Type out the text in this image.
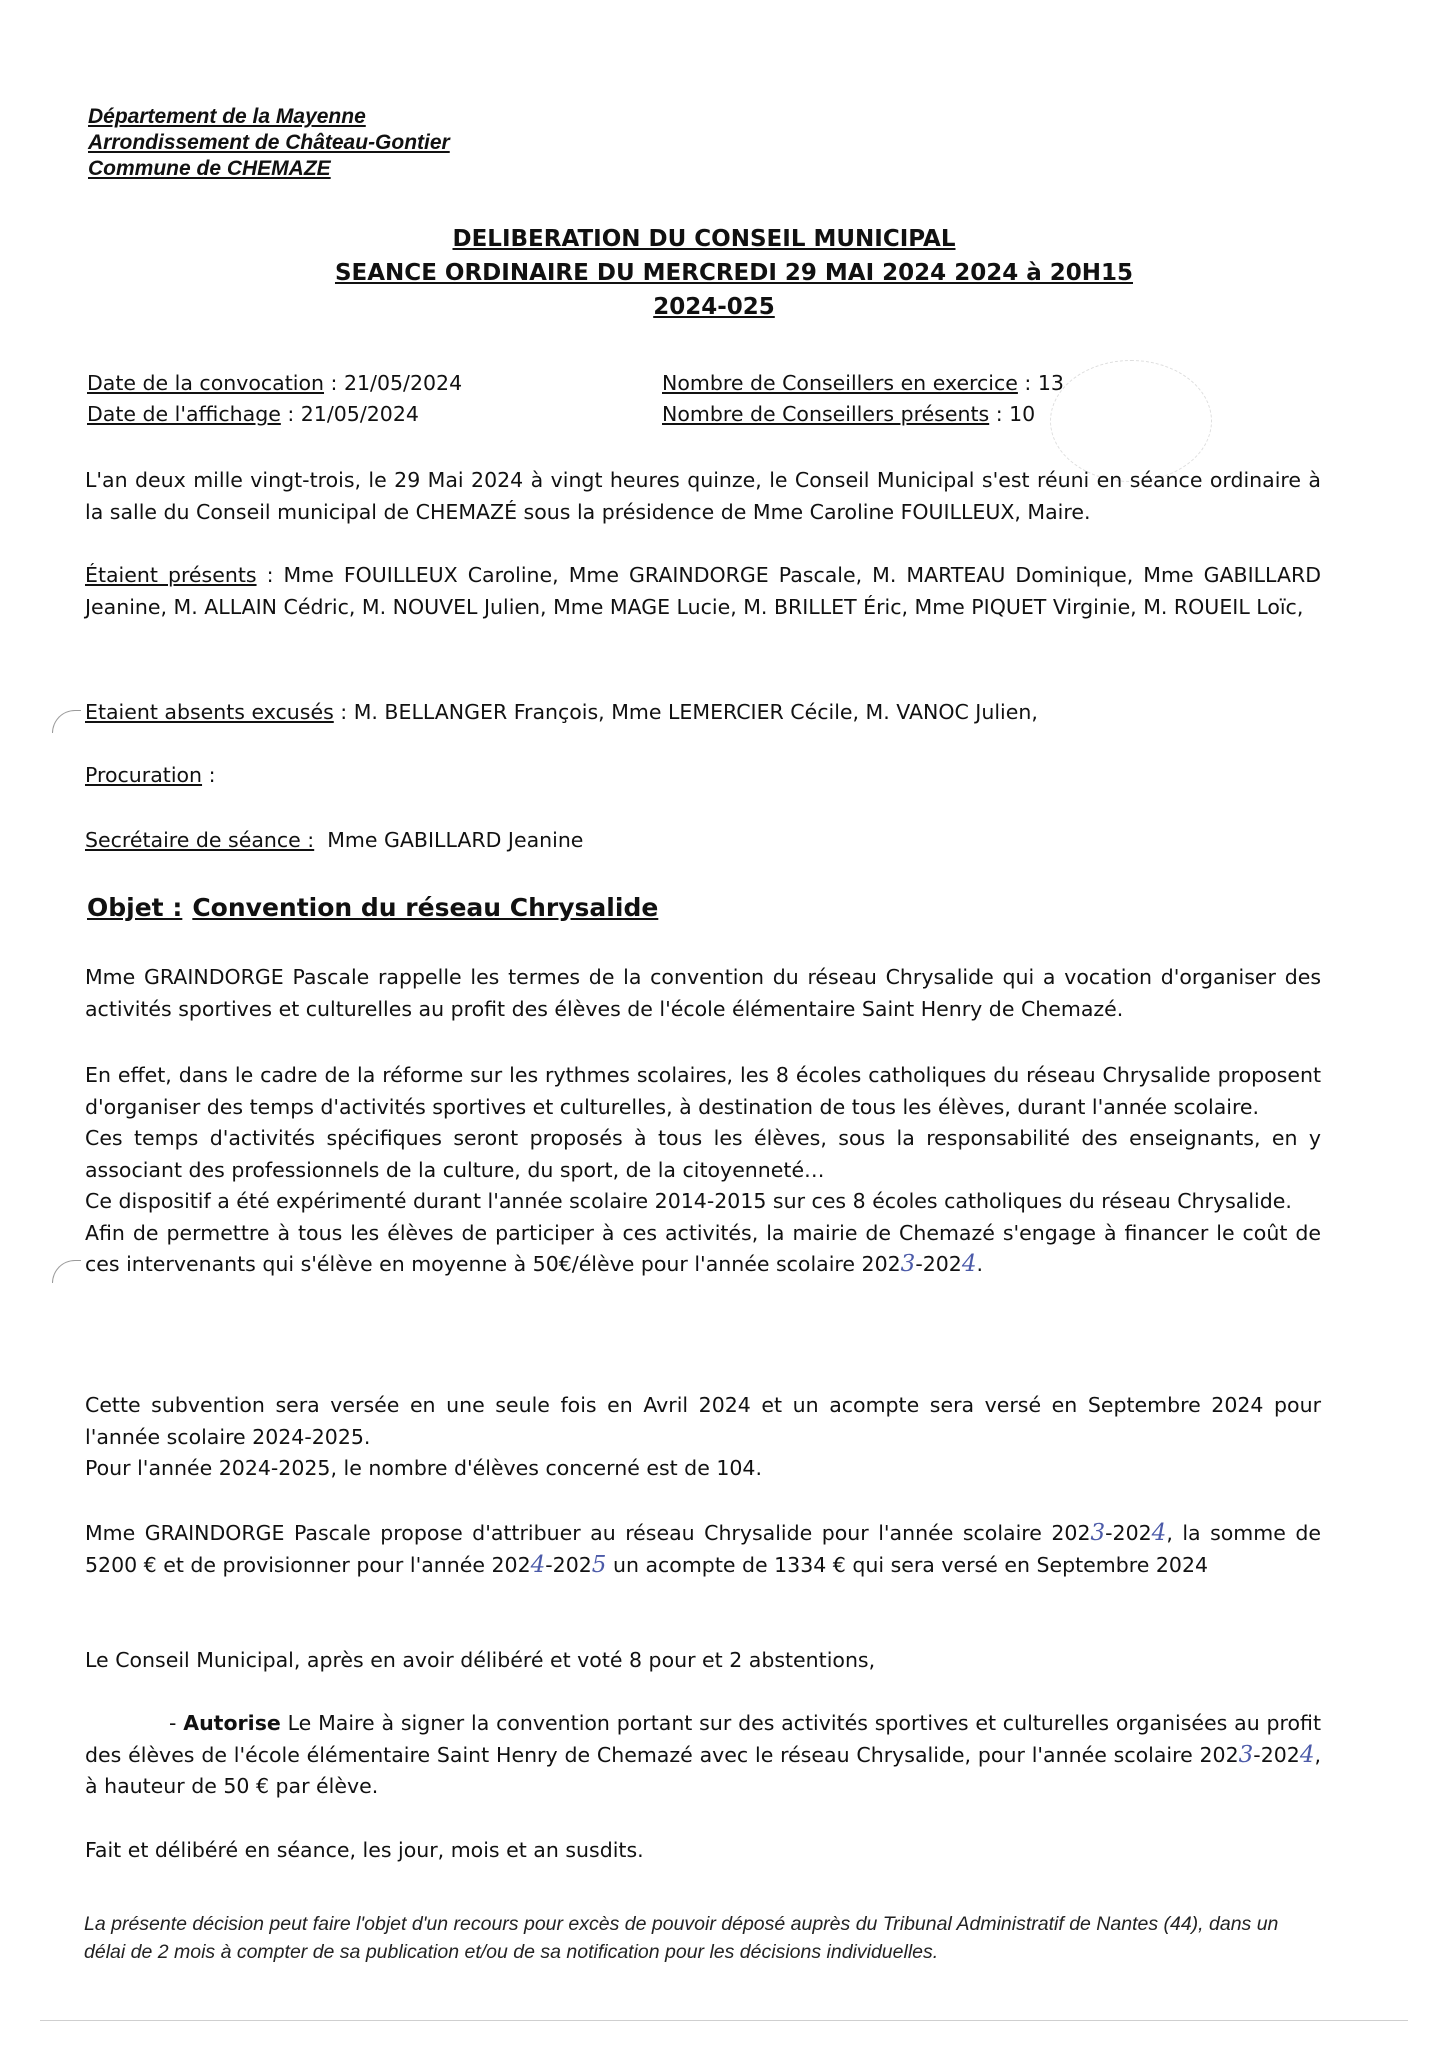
Département de la Mayenne
Arrondissement de Château-Gontier
Commune de CHEMAZE
DELIBERATION DU CONSEIL MUNICIPAL
SEANCE ORDINAIRE DU MERCREDI 29 MAI 2024 2024 à 20H15
2024-025
Date de la convocation : 21/05/2024
Date de l'affichage : 21/05/2024
Nombre de Conseillers en exercice : 13
Nombre de Conseillers présents : 10

L'an deux mille vingt-trois, le 29 Mai 2024 à vingt heures quinze, le Conseil Municipal s'est réuni en séance ordinaire à la salle du Conseil municipal de CHEMAZÉ sous la présidence de Mme Caroline FOUILLEUX, Maire.

Étaient présents : Mme FOUILLEUX Caroline, Mme GRAINDORGE Pascale, M. MARTEAU Dominique, Mme GABILLARD Jeanine, M. ALLAIN Cédric, M. NOUVEL Julien, Mme MAGE Lucie, M. BRILLET Éric, Mme PIQUET Virginie, M. ROUEIL Loïc,

Etaient absents excusés : M. BELLANGER François, Mme LEMERCIER Cécile, M. VANOC Julien,

Procuration :

Secrétaire de séance :  Mme GABILLARD Jeanine

Objet : Convention du réseau Chrysalide

Mme GRAINDORGE Pascale rappelle les termes de la convention du réseau Chrysalide qui a vocation d'organiser des activités sportives et culturelles au profit des élèves de l'école élémentaire Saint Henry de Chemazé.

En effet, dans le cadre de la réforme sur les rythmes scolaires, les 8 écoles catholiques du réseau Chrysalide proposent d'organiser des temps d'activités sportives et culturelles, à destination de tous les élèves, durant l'année scolaire.

Ces temps d'activités spécifiques seront proposés à tous les élèves, sous la responsabilité des enseignants, en y associant des professionnels de la culture, du sport, de la citoyenneté…

Ce dispositif a été expérimenté durant l'année scolaire 2014-2015 sur ces 8 écoles catholiques du réseau Chrysalide.

Afin de permettre à tous les élèves de participer à ces activités, la mairie de Chemazé s'engage à financer le coût de ces intervenants qui s'élève en moyenne à 50€/élève pour l'année scolaire 2023-2024.

Cette subvention sera versée en une seule fois en Avril 2024 et un acompte sera versé en Septembre 2024 pour l'année scolaire 2024-2025.

Pour l'année 2024-2025, le nombre d'élèves concerné est de 104.

Mme GRAINDORGE Pascale propose d'attribuer au réseau Chrysalide pour l'année scolaire 2023-2024, la somme de 5200 € et de provisionner pour l'année 2024-2025 un acompte de 1334 € qui sera versé en Septembre 2024

Le Conseil Municipal, après en avoir délibéré et voté 8 pour et 2 abstentions,

- Autorise Le Maire à signer la convention portant sur des activités sportives et culturelles organisées au profit des élèves de l'école élémentaire Saint Henry de Chemazé avec le réseau Chrysalide, pour l'année scolaire 2023-2024, à hauteur de 50 € par élève.

Fait et délibéré en séance, les jour, mois et an susdits.

La présente décision peut faire l'objet d'un recours pour excès de pouvoir déposé auprès du Tribunal Administratif de Nantes (44), dans un délai de 2 mois à compter de sa publication et/ou de sa notification pour les décisions individuelles.
